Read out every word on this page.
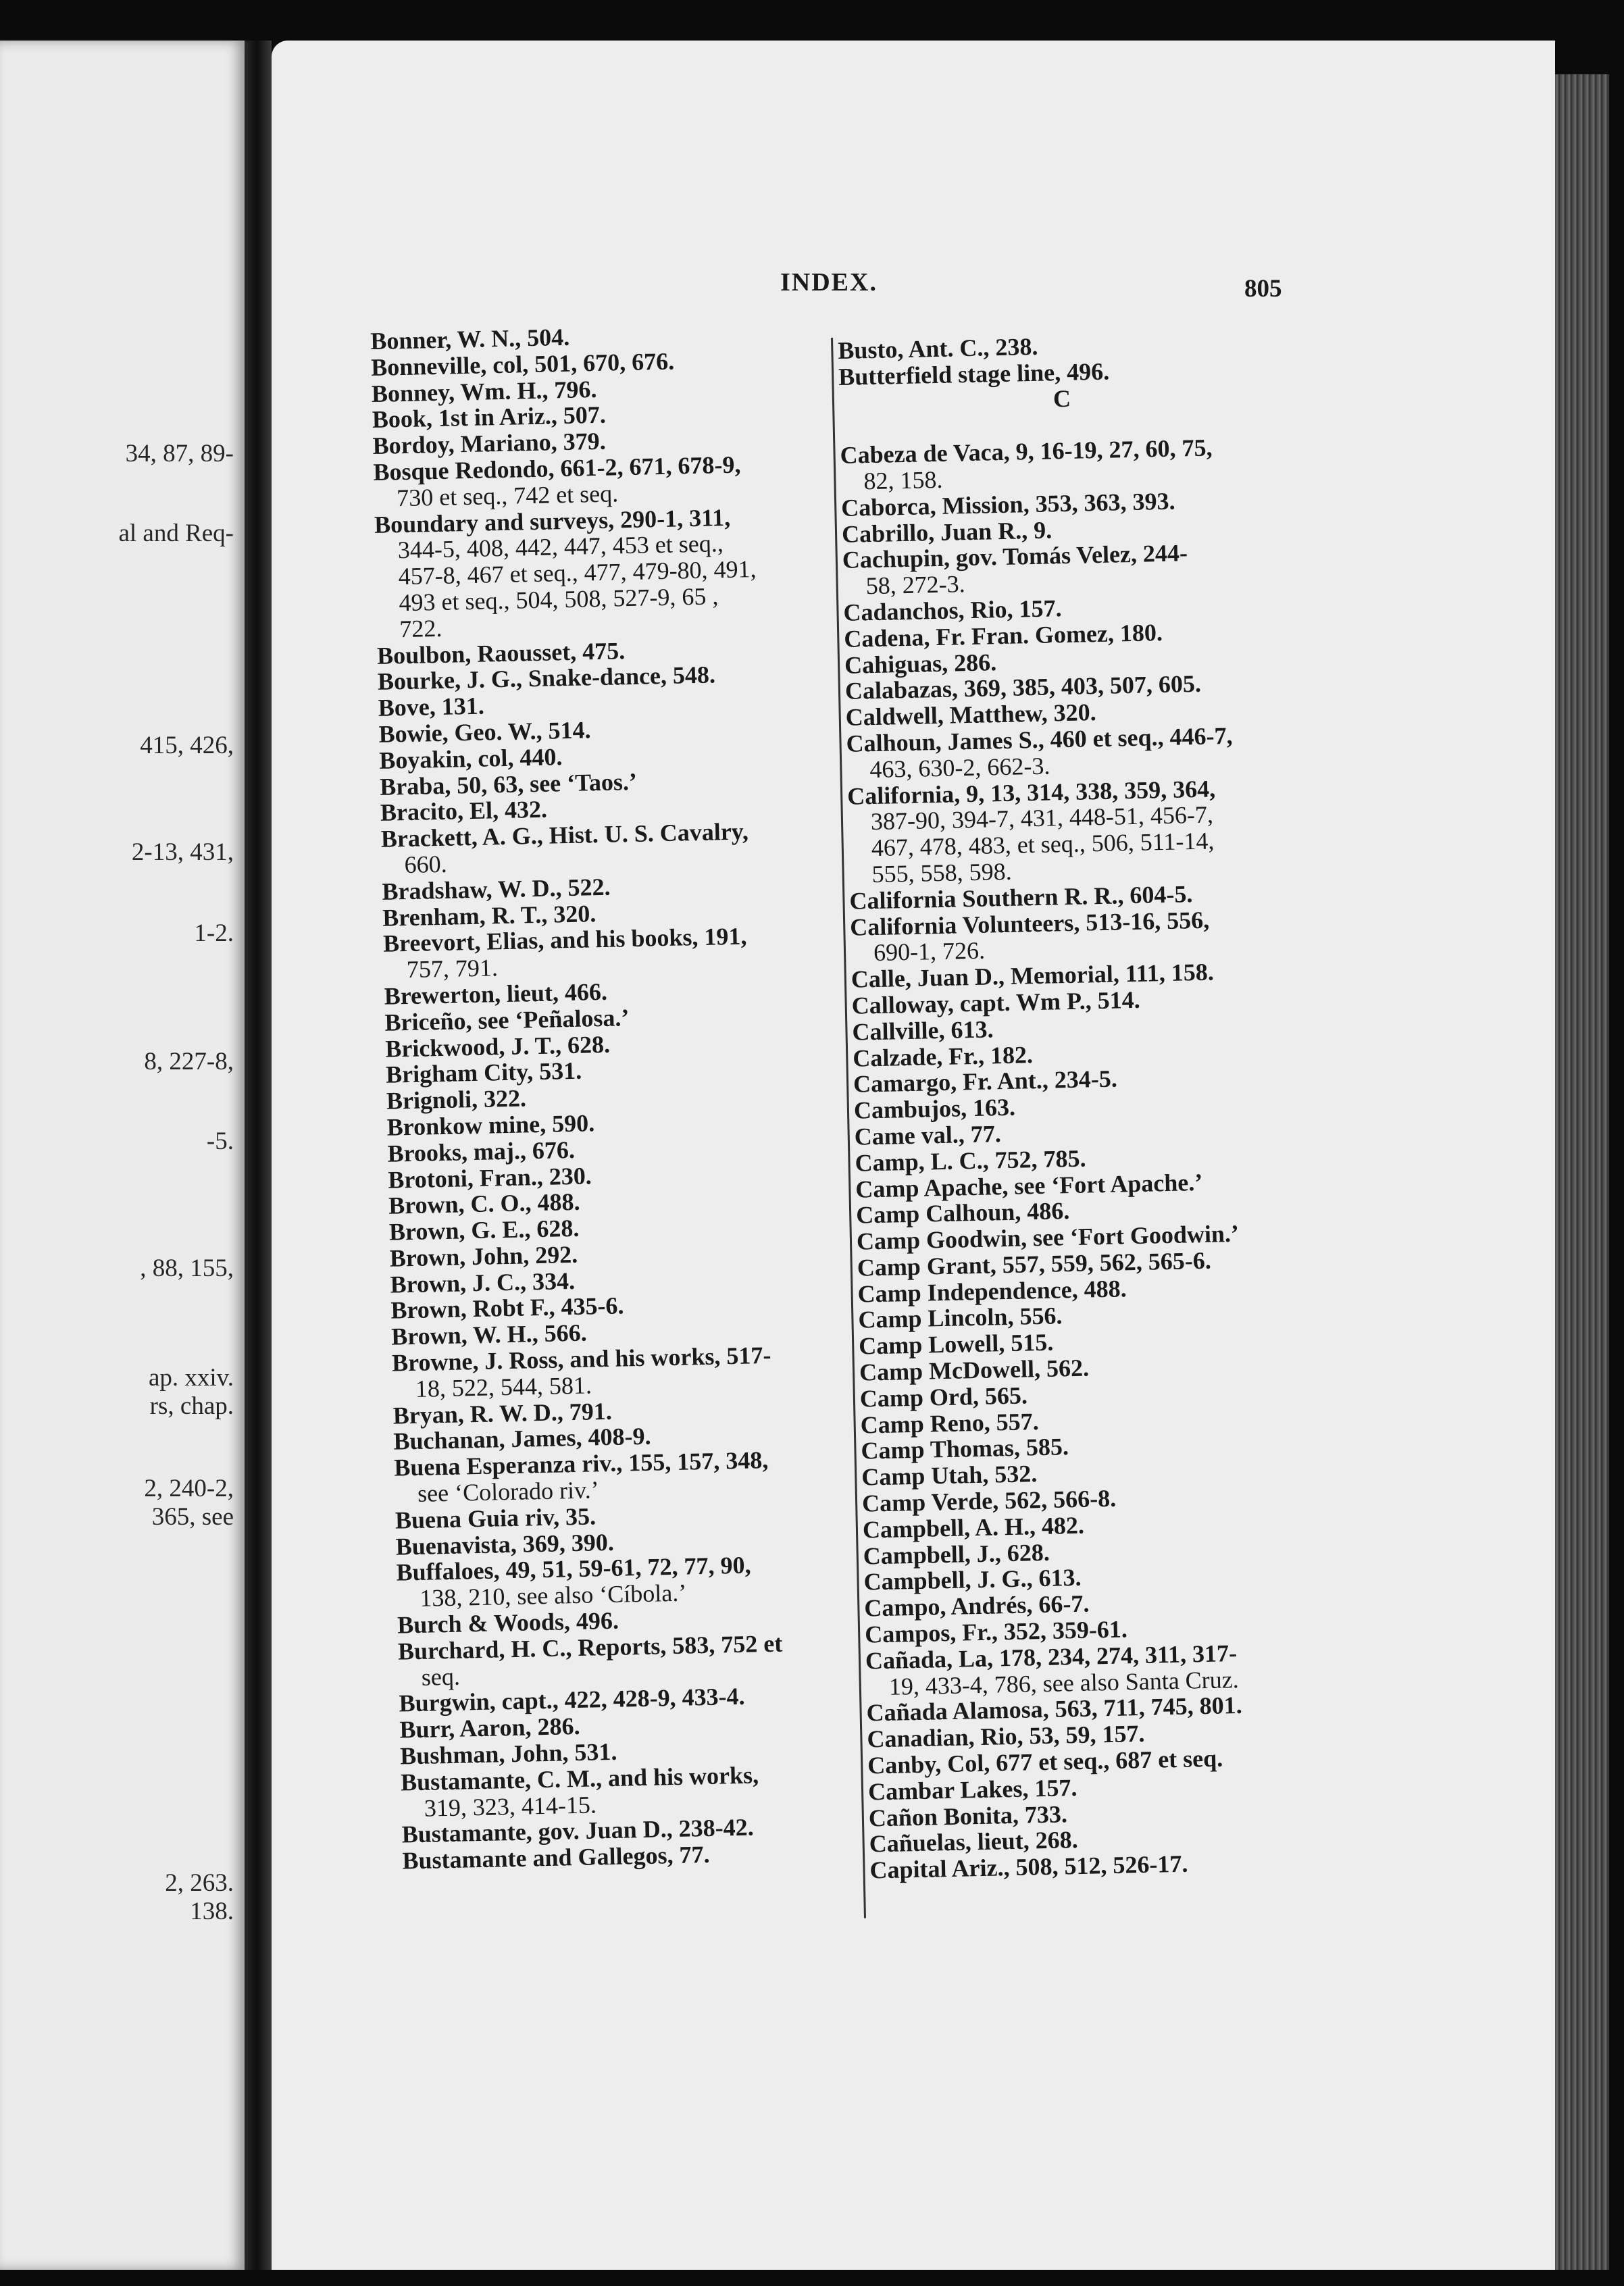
34, 87, 89-
al and Req-
415, 426,
2-13, 431,
1-2.
8, 227-8,
-5.
, 88, 155,
ap. xxiv.
rs, chap.
2, 240-2,
365, see
2, 263.
138.
INDEX.	805
Bonner, W. N., 504.
Bonneville, col, 501, 670, 676.
Bonney, Wm. H., 796.
Book, 1st in Ariz., 507.
Bordoy, Mariano, 379.
Bosque Redondo, 661-2, 671, 678-9,
730 et seq., 742 et seq.
Boundary and surveys, 290-1, 311,
344-5, 408, 442, 447, 453 et seq.,
457-8, 467 et seq., 477, 479-80, 491,
493 et seq., 504, 508, 527-9, 65 ,
722.
Boulbon, Raousset, 475.
Bourke, J. G., Snake-dance, 548.
Bove, 131.
Bowie, Geo. W., 514.
Boyakin, col, 440.
Braba, 50, 63, see ‘Taos.’
Bracito, El, 432.
Brackett, A. G., Hist. U. S. Cavalry,
660.
Bradshaw, W. D., 522.
Brenham, R. T., 320.
Breevort, Elias, and his books, 191,
757, 791.
Brewerton, lieut, 466.
Briceño, see ‘Peñalosa.’
Brickwood, J. T., 628.
Brigham City, 531.
Brignoli, 322.
Bronkow mine, 590.
Brooks, maj., 676.
Brotoni, Fran., 230.
Brown, C. O., 488.
Brown, G. E., 628.
Brown, John, 292.
Brown, J. C., 334.
Brown, Robt F., 435-6.
Brown, W. H., 566.
Browne, J. Ross, and his works, 517-
18, 522, 544, 581.
Bryan, R. W. D., 791.
Buchanan, James, 408-9.
Buena Esperanza riv., 155, 157, 348,
see ‘Colorado riv.’
Buena Guia riv, 35.
Buenavista, 369, 390.
Buffaloes, 49, 51, 59-61, 72, 77, 90,
138, 210, see also ‘Cíbola.’
Burch & Woods, 496.
Burchard, H. C., Reports, 583, 752 et
seq.
Burgwin, capt., 422, 428-9, 433-4.
Burr, Aaron, 286.
Bushman, John, 531.
Bustamante, C. M., and his works,
319, 323, 414-15.
Bustamante, gov. Juan D., 238-42.
Bustamante and Gallegos, 77.
Busto, Ant. C., 238.
Butterfield stage line, 496.
C
Cabeza de Vaca, 9, 16-19, 27, 60, 75,
82, 158.
Caborca, Mission, 353, 363, 393.
Cabrillo, Juan R., 9.
Cachupin, gov. Tomás Velez, 244-
58, 272-3.
Cadanchos, Rio, 157.
Cadena, Fr. Fran. Gomez, 180.
Cahiguas, 286.
Calabazas, 369, 385, 403, 507, 605.
Caldwell, Matthew, 320.
Calhoun, James S., 460 et seq., 446-7,
463, 630-2, 662-3.
California, 9, 13, 314, 338, 359, 364,
387-90, 394-7, 431, 448-51, 456-7,
467, 478, 483, et seq., 506, 511-14,
555, 558, 598.
California Southern R. R., 604-5.
California Volunteers, 513-16, 556,
690-1, 726.
Calle, Juan D., Memorial, 111, 158.
Calloway, capt. Wm P., 514.
Callville, 613.
Calzade, Fr., 182.
Camargo, Fr. Ant., 234-5.
Cambujos, 163.
Came val., 77.
Camp, L. C., 752, 785.
Camp Apache, see ‘Fort Apache.’
Camp Calhoun, 486.
Camp Goodwin, see ‘Fort Goodwin.’
Camp Grant, 557, 559, 562, 565-6.
Camp Independence, 488.
Camp Lincoln, 556.
Camp Lowell, 515.
Camp McDowell, 562.
Camp Ord, 565.
Camp Reno, 557.
Camp Thomas, 585.
Camp Utah, 532.
Camp Verde, 562, 566-8.
Campbell, A. H., 482.
Campbell, J., 628.
Campbell, J. G., 613.
Campo, Andrés, 66-7.
Campos, Fr., 352, 359-61.
Cañada, La, 178, 234, 274, 311, 317-
19, 433-4, 786, see also Santa Cruz.
Cañada Alamosa, 563, 711, 745, 801.
Canadian, Rio, 53, 59, 157.
Canby, Col, 677 et seq., 687 et seq.
Cambar Lakes, 157.
Cañon Bonita, 733.
Cañuelas, lieut, 268.
Capital Ariz., 508, 512, 526-17.
